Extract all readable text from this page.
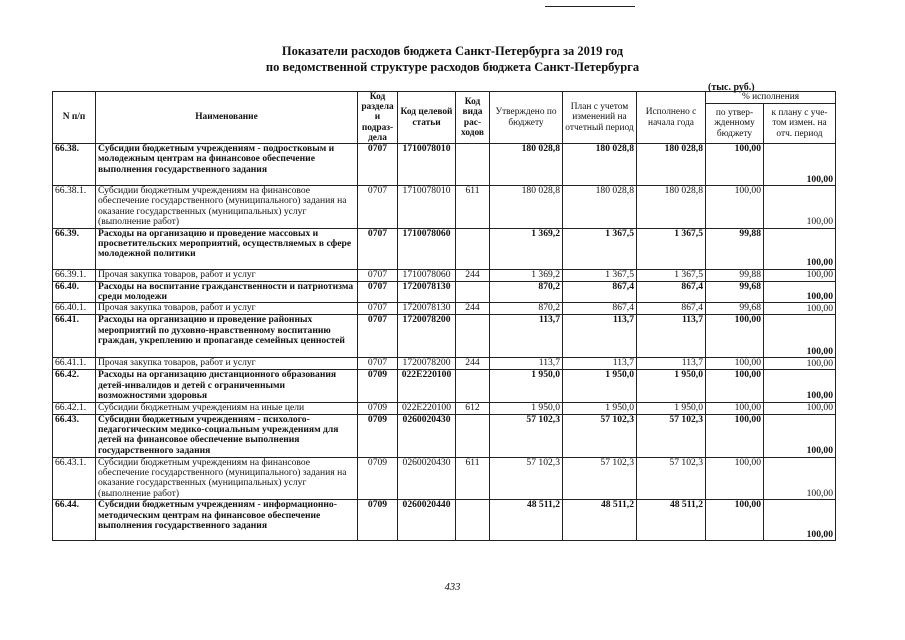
Показатели расходов бюджета Санкт-Петербурга за 2019 год
по ведомственной структуре расходов бюджета Санкт-Петербурга
(тыс. руб.)
N п/п	Наименование	Код раздела и подраз-дела	Код целевой статьи	Код вида рас-ходов	Утверждено по бюджету	План с учетом изменений на отчетный период	Исполнено с начала года	% исполнения	
								по утвер-жденному бюджету	к плану с уче-том измен. на отч. период
66.38.	Субсидии бюджетным учреждениям - подростковым и молодежным центрам на финансовое обеспечение выполнения государственного задания	0707	1710078010		180 028,8	180 028,8	180 028,8	100,00	100,00
66.38.1.	Субсидии бюджетным учреждениям на финансовое обеспечение государственного (муниципального) задания на оказание государственных (муниципальных) услуг (выполнение работ)	0707	1710078010	611	180 028,8	180 028,8	180 028,8	100,00	100,00
66.39.	Расходы на организацию и проведение массовых и просветительских мероприятий, осуществляемых в сфере молодежной политики	0707	1710078060		1 369,2	1 367,5	1 367,5	99,88	100,00
66.39.1.	Прочая закупка товаров, работ и услуг	0707	1710078060	244	1 369,2	1 367,5	1 367,5	99,88	100,00
66.40.	Расходы на воспитание гражданственности и патриотизма среди молодежи	0707	1720078130		870,2	867,4	867,4	99,68	100,00
66.40.1.	Прочая закупка товаров, работ и услуг	0707	1720078130	244	870,2	867,4	867,4	99,68	100,00
66.41.	Расходы на организацию и проведение районных мероприятий по духовно-нравственному воспитанию граждан, укреплению и пропаганде семейных ценностей	0707	1720078200		113,7	113,7	113,7	100,00	100,00
66.41.1.	Прочая закупка товаров, работ и услуг	0707	1720078200	244	113,7	113,7	113,7	100,00	100,00
66.42.	Расходы на организацию дистанционного образования детей-инвалидов и детей с ограниченными возможностями здоровья	0709	022E220100		1 950,0	1 950,0	1 950,0	100,00	100,00
66.42.1.	Субсидии бюджетным учреждениям на иные цели	0709	022E220100	612	1 950,0	1 950,0	1 950,0	100,00	100,00
66.43.	Субсидии бюджетным учреждениям - психолого-педагогическим медико-социальным учреждениям для детей на финансовое обеспечение выполнения государственного задания	0709	0260020430		57 102,3	57 102,3	57 102,3	100,00	100,00
66.43.1.	Субсидии бюджетным учреждениям на финансовое обеспечение государственного (муниципального) задания на оказание государственных (муниципальных) услуг (выполнение работ)	0709	0260020430	611	57 102,3	57 102,3	57 102,3	100,00	100,00
66.44.	Субсидии бюджетным учреждениям - информационно-методическим центрам на финансовое обеспечение выполнения государственного задания	0709	0260020440		48 511,2	48 511,2	48 511,2	100,00	100,00
433
